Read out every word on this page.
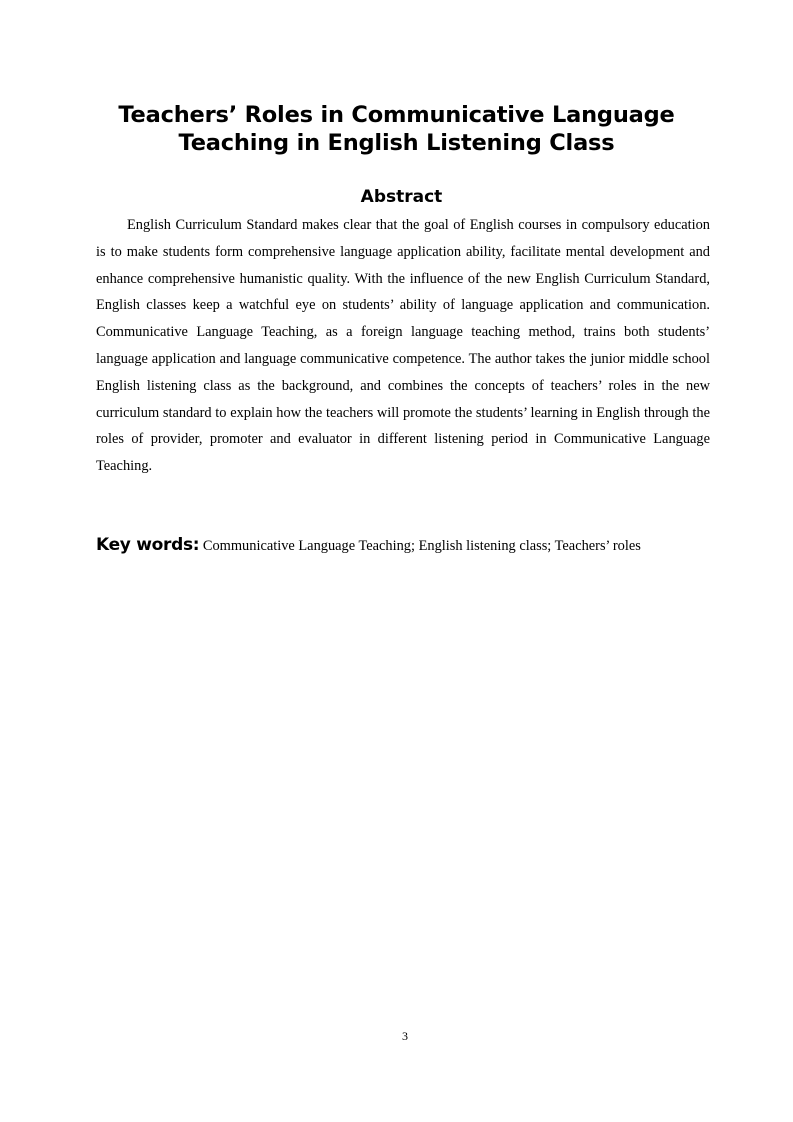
Teachers’ Roles in Communicative Language
Teaching in English Listening Class
Abstract

English Curriculum Standard makes clear that the goal of English courses in compulsory education is to make students form comprehensive language application ability, facilitate mental development and enhance comprehensive humanistic quality. With the influence of the new English Curriculum Standard, English classes keep a watchful eye on students’ ability of language application and communication. Communicative Language Teaching, as a foreign language teaching method, trains both students’ language application and language communicative competence. The author takes the junior middle school English listening class as the background, and combines the concepts of teachers’ roles in the new curriculum standard to explain how the teachers will promote the students’ learning in English through the roles of provider, promoter and evaluator in different listening period in Communicative Language Teaching.

Key words: Communicative Language Teaching; English listening class; Teachers’ roles

3
